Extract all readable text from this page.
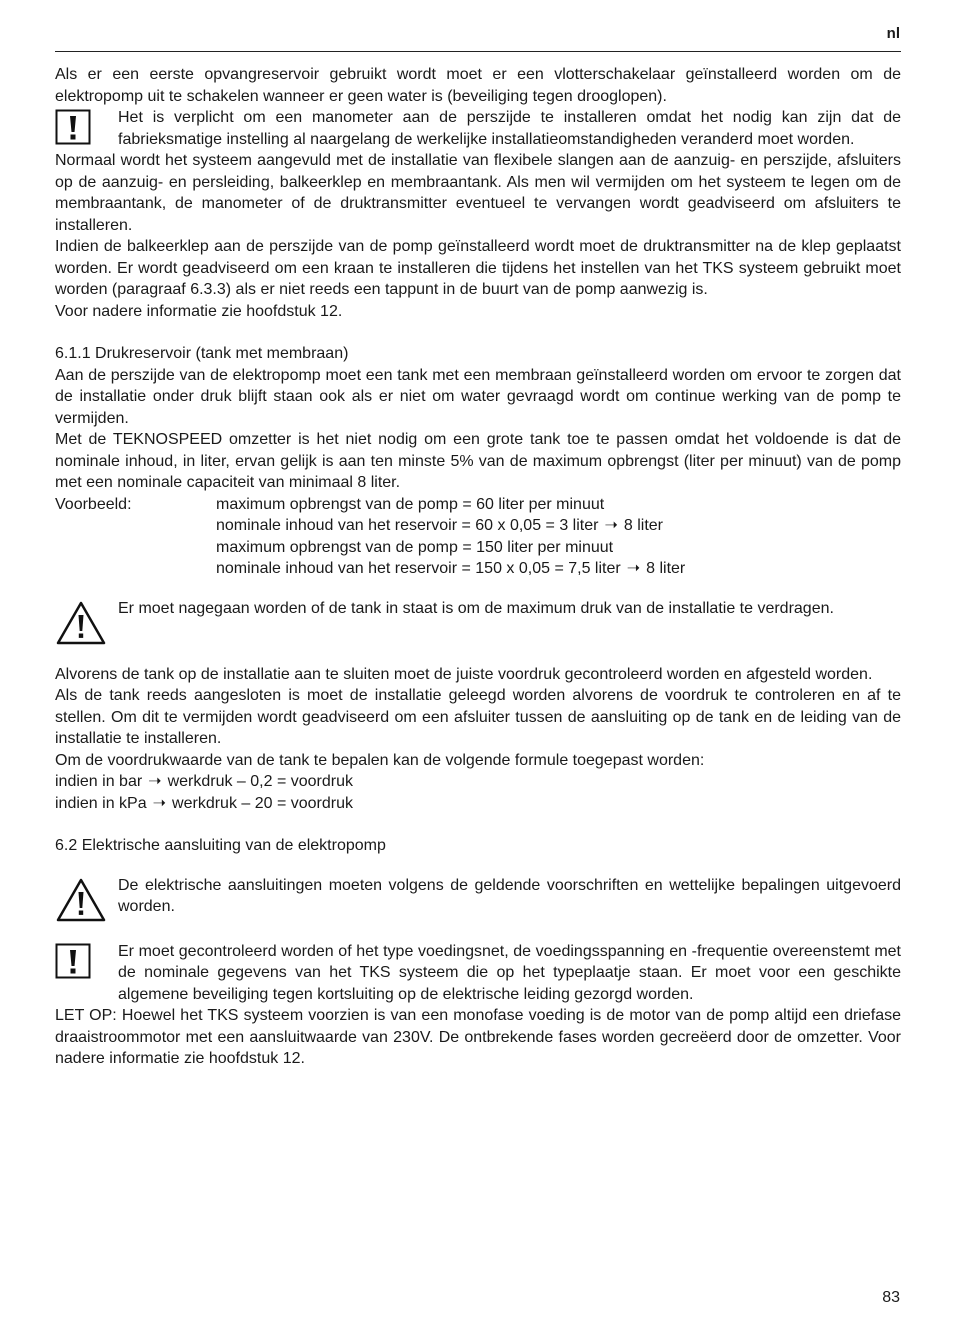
nl

Als er een eerste opvangreservoir gebruikt wordt moet er een vlotterschakelaar geïnstalleerd worden om de elektropomp uit te schakelen wanneer er geen water is (beveiliging tegen drooglopen).

Het is verplicht om een manometer aan de perszijde te installeren omdat het nodig kan zijn dat de fabrieksmatige instelling al naargelang de werkelijke installatieomstandigheden veranderd moet worden.

Normaal wordt het systeem aangevuld met de installatie van flexibele slangen aan de aanzuig- en perszijde, afsluiters op de aanzuig- en persleiding, balkeerklep en membraantank. Als men wil vermijden om het systeem te legen om de membraantank, de manometer of de druktransmitter eventueel te vervangen wordt geadviseerd om afsluiters te installeren.

Indien de balkeerklep aan de perszijde van de pomp geïnstalleerd wordt moet de druktransmitter na de klep geplaatst worden. Er wordt geadviseerd om een kraan te installeren die tijdens het instellen van het TKS systeem gebruikt moet worden (paragraaf 6.3.3) als er niet reeds een tappunt in de buurt van de pomp aanwezig is.

Voor nadere informatie zie hoofdstuk 12.

6.1.1 Drukreservoir (tank met membraan)

Aan de perszijde van de elektropomp moet een tank met een membraan geïnstalleerd worden om ervoor te zorgen dat de installatie onder druk blijft staan ook als er niet om water gevraagd wordt om continue werking van de pomp te vermijden.

Met de TEKNOSPEED omzetter is het niet nodig om een grote tank toe te passen omdat het voldoende is dat de nominale inhoud, in liter, ervan gelijk is aan ten minste 5% van de maximum opbrengst (liter per minuut) van de pomp met een nominale capaciteit van minimaal 8 liter.

Voorbeeld:	maximum opbrengst van de pomp = 60 liter per minuut
nominale inhoud van het reservoir = 60 x 0,05 = 3 liter ➝ 8 liter
maximum opbrengst van de pomp = 150 liter per minuut
nominale inhoud van het reservoir = 150 x 0,05 = 7,5 liter ➝ 8 liter

Er moet nagegaan worden of de tank in staat is om de maximum druk van de installatie te verdragen.

Alvorens de tank op de installatie aan te sluiten moet de juiste voordruk gecontroleerd worden en afgesteld worden.

Als de tank reeds aangesloten is moet de installatie geleegd worden alvorens de voordruk te controleren en af te stellen. Om dit te vermijden wordt geadviseerd om een afsluiter tussen de aansluiting op de tank en de leiding van de installatie te installeren.

Om de voordrukwaarde van de tank te bepalen kan de volgende formule toegepast worden:

indien in bar ➝ werkdruk – 0,2 = voordruk
indien in kPa ➝ werkdruk – 20 = voordruk
6.2 Elektrische aansluiting van de elektropomp

De elektrische aansluitingen moeten volgens de geldende voorschriften en wettelijke bepalingen uitgevoerd worden.

Er moet gecontroleerd worden of het type voedingsnet, de voedingsspanning en -frequentie overeenstemt met de nominale gegevens van het TKS systeem die op het typeplaatje staan. Er moet voor een geschikte algemene beveiliging tegen kortsluiting op de elektrische leiding gezorgd worden.

LET OP: Hoewel het TKS systeem voorzien is van een monofase voeding is de motor van de pomp altijd een driefase draaistroommotor met een aansluitwaarde van 230V. De ontbrekende fases worden gecreëerd door de omzetter. Voor nadere informatie zie hoofdstuk 12.

83
